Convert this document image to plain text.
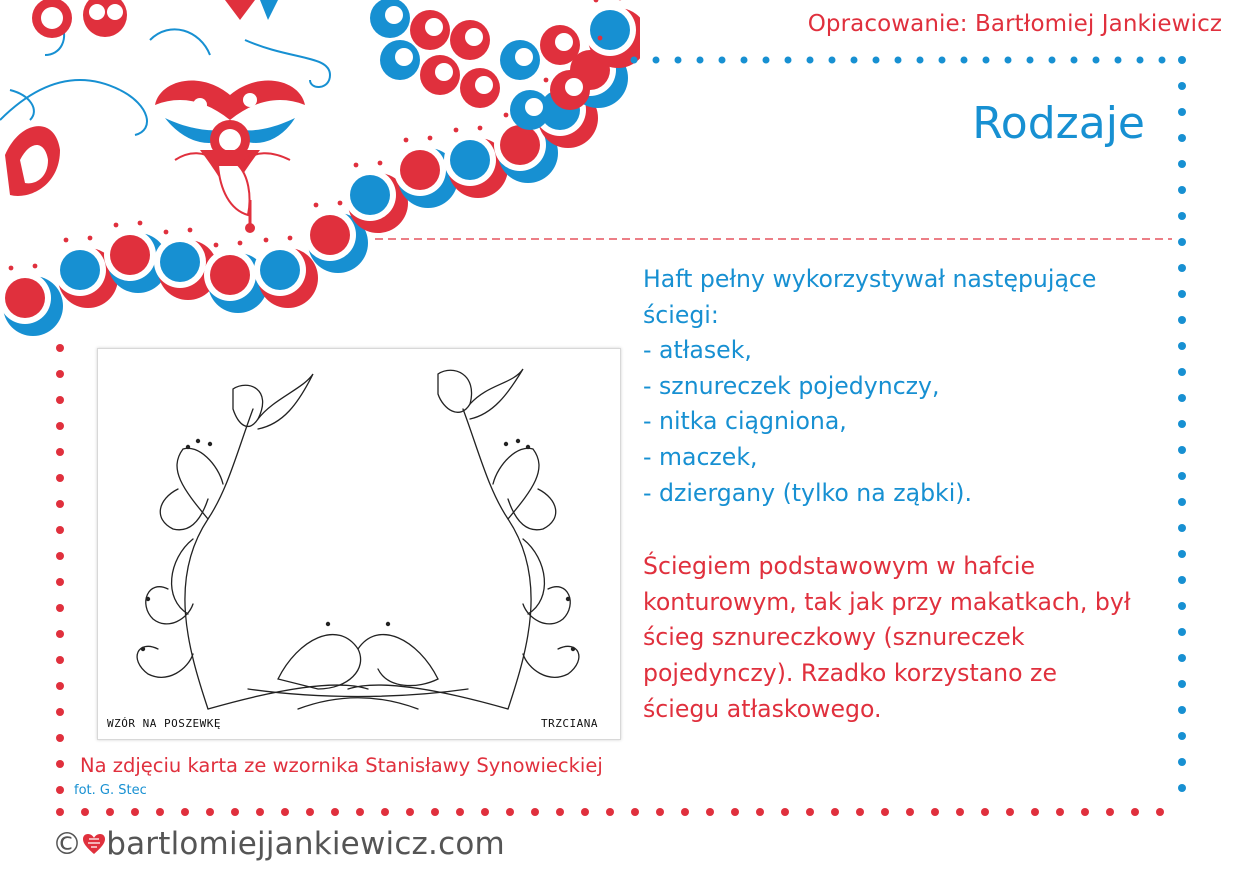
Opracowanie: Bartłomiej Jankiewicz
Rodzaje

Haft pełny wykorzystywał następujące

ściegi:

- atłasek,

- sznureczek pojedynczy,

- nitka ciągniona,

- maczek,

- dziergany (tylko na ząbki).

Ściegiem podstawowym w hafcie

konturowym, tak jak przy makatkach, był

ścieg sznureczkowy (sznureczek

pojedynczy). Rzadko korzystano ze

ściegu atłaskowego.

WZÓR NA POSZEWKĘ	TRZCIANA
Na zdjęciu karta ze wzornika Stanisławy Synowieckiej
fot. G. Stec
© bartlomiejjankiewicz.com
